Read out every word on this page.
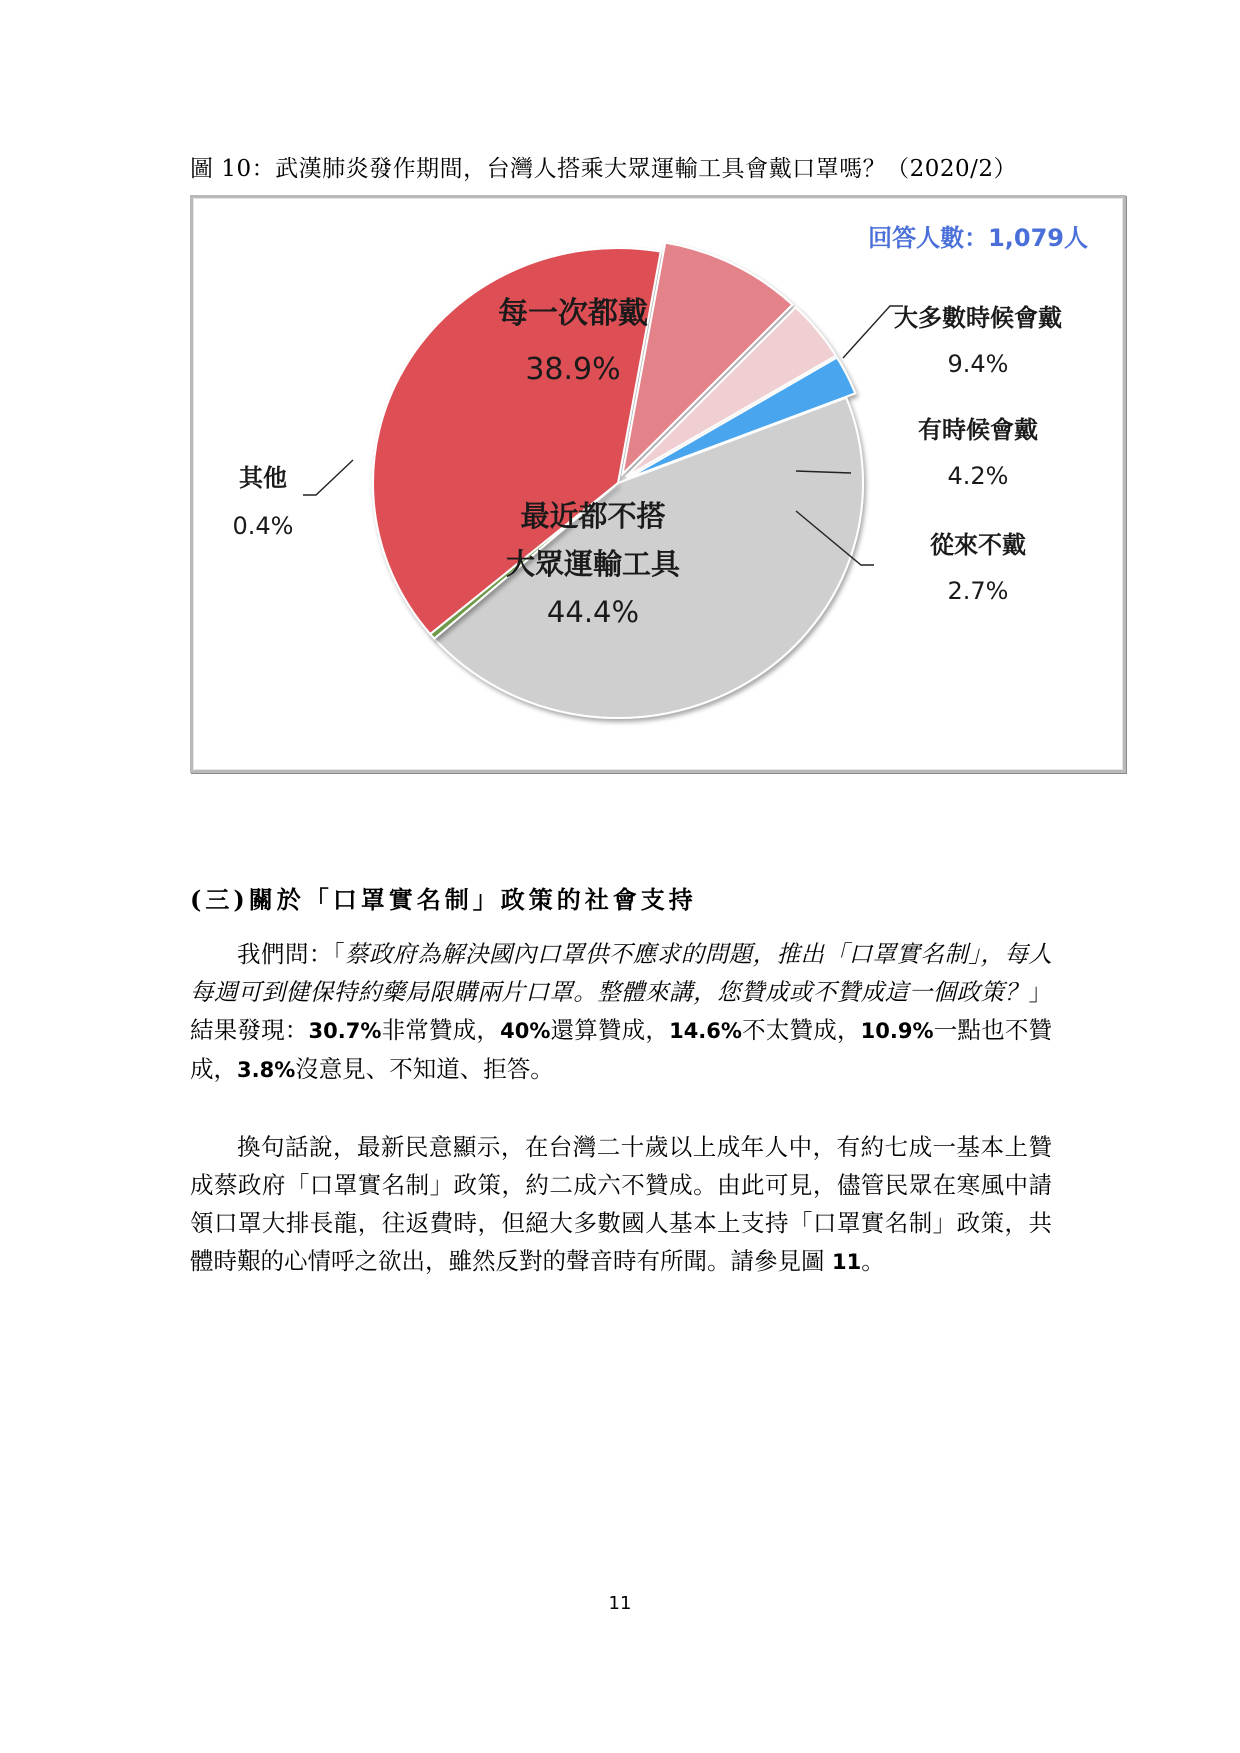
圖 10：武漢肺炎發作期間，台灣人搭乘大眾運輸工具會戴口罩嗎？（2020/2）
回答人數：1,079人
每一次都戴
38.9%
大多數時候會戴
9.4%
有時候會戴
4.2%
從來不戴
2.7%
最近都不搭
大眾運輸工具
44.4%
其他
0.4%
(三)關於「口罩實名制」政策的社會支持

我們問：「蔡政府為解決國內口罩供不應求的問題，推出「口罩實名制」，每人每週可到健保特約藥局限購兩片口罩。整體來講，您贊成或不贊成這一個政策？」結果發現：30.7%非常贊成，40%還算贊成，14.6%不太贊成，10.9%一點也不贊成，3.8%沒意見、不知道、拒答。

換句話說，最新民意顯示，在台灣二十歲以上成年人中，有約七成一基本上贊成蔡政府「口罩實名制」政策，約二成六不贊成。由此可見，儘管民眾在寒風中請領口罩大排長龍，往返費時，但絕大多數國人基本上支持「口罩實名制」政策，共體時艱的心情呼之欲出，雖然反對的聲音時有所聞。請參見圖 11。

11
